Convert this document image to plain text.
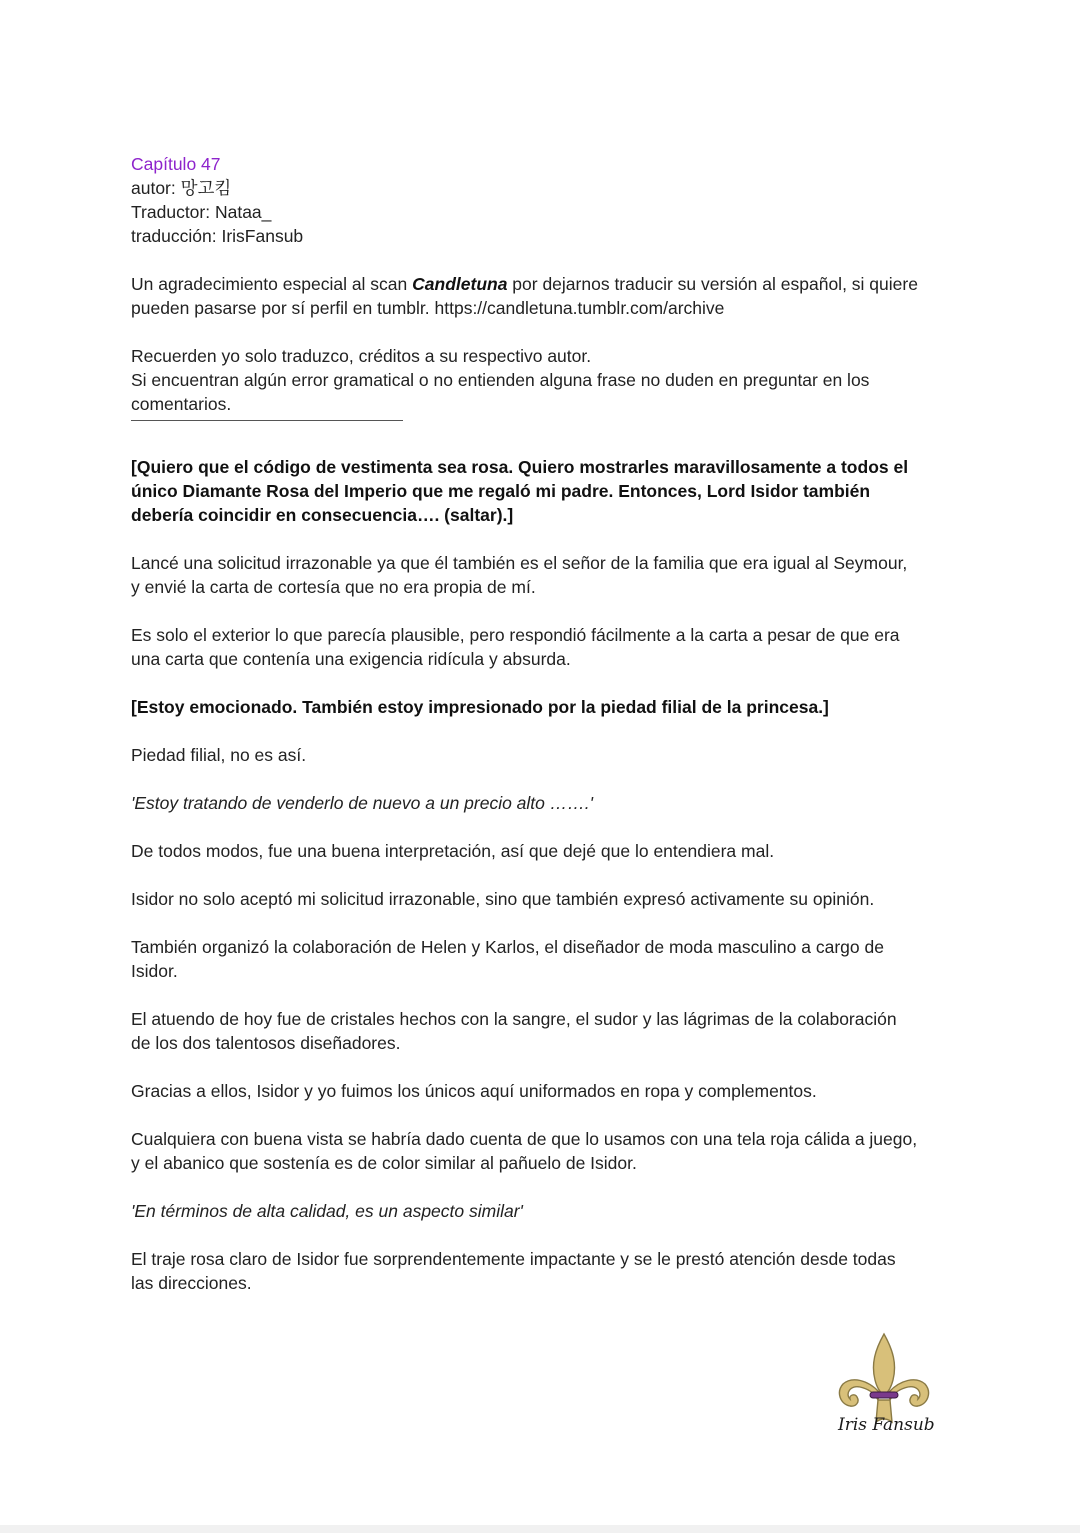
Capítulo 47
autor: 망고킴
Traductor: Nataa_
traducción: IrisFansub
Un agradecimiento especial al scan Candletuna por dejarnos traducir su versión al español, si quiere
pueden pasarse por sí perfil en tumblr. https://candletuna.tumblr.com/archive
Recuerden yo solo traduzco, créditos a su respectivo autor.
Si encuentran algún error gramatical o no entienden alguna frase no duden en preguntar en los
comentarios.
[Quiero que el código de vestimenta sea rosa. Quiero mostrarles maravillosamente a todos el
único Diamante Rosa del Imperio que me regaló mi padre. Entonces, Lord Isidor también
debería coincidir en consecuencia…. (saltar).]
Lancé una solicitud irrazonable ya que él también es el señor de la familia que era igual al Seymour,
y envié la carta de cortesía que no era propia de mí.
Es solo el exterior lo que parecía plausible, pero respondió fácilmente a la carta a pesar de que era
una carta que contenía una exigencia ridícula y absurda.
[Estoy emocionado. También estoy impresionado por la piedad filial de la princesa.]
Piedad filial, no es así.
'Estoy tratando de venderlo de nuevo a un precio alto …….'
De todos modos, fue una buena interpretación, así que dejé que lo entendiera mal.
Isidor no solo aceptó mi solicitud irrazonable, sino que también expresó activamente su opinión.
También organizó la colaboración de Helen y Karlos, el diseñador de moda masculino a cargo de
Isidor.
El atuendo de hoy fue de cristales hechos con la sangre, el sudor y las lágrimas de la colaboración
de los dos talentosos diseñadores.
Gracias a ellos, Isidor y yo fuimos los únicos aquí uniformados en ropa y complementos.
Cualquiera con buena vista se habría dado cuenta de que lo usamos con una tela roja cálida a juego,
y el abanico que sostenía es de color similar al pañuelo de Isidor.
'En términos de alta calidad, es un aspecto similar'
El traje rosa claro de Isidor fue sorprendentemente impactante y se le prestó atención desde todas
las direcciones.
Iris Fansub
